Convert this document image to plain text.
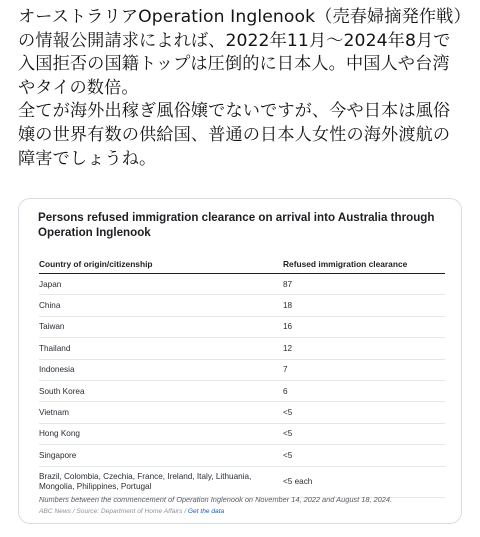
オーストラリアOperation Inglenook（売春婦摘発作戦）
の情報公開請求によれば、2022年11月〜2024年8月で
入国拒否の国籍トップは圧倒的に日本人。中国人や台湾
やタイの数倍。
全てが海外出稼ぎ風俗嬢でないですが、今や日本は風俗
嬢の世界有数の供給国、普通の日本人女性の海外渡航の
障害でしょうね。

Persons refused immigration clearance on arrival into Australia through Operation Inglenook

Country of origin/citizenship	Refused immigration clearance
Japan	87
China	18
Taiwan	16
Thailand	12
Indonesia	7
South Korea	6
Vietnam	<5
Hong Kong	<5
Singapore	<5
Brazil, Colombia, Czechia, France, Ireland, Italy, Lithuania, Mongolia, Philippines, Portugal	<5 each

Numbers between the commencement of Operation Inglenook on November 14, 2022 and August 18, 2024.

ABC News / Source: Department of Home Affairs / Get the data
